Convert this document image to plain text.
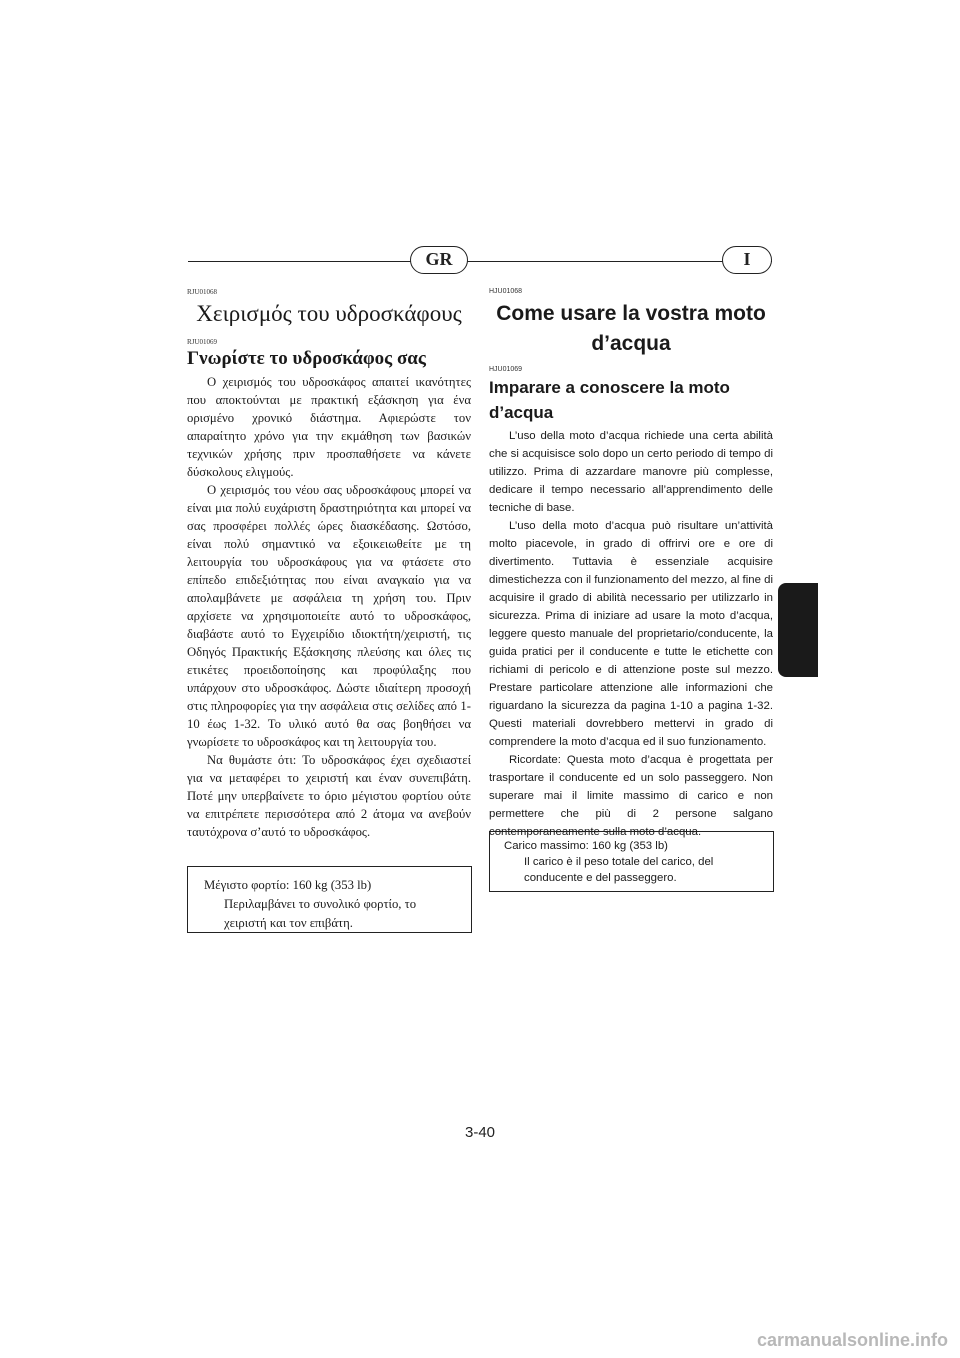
GR	I

RJU01068

Χειρισμός του υδροσκάφους

RJU01069

Γνωρίστε το υδροσκάφος σας

Ο χειρισμός του υδροσκάφος απαιτεί ικανότητες που αποκτούνται με πρακτική εξάσκηση για ένα ορισμένο χρονικό διάστημα. Αφιερώστε τον απαραίτητο χρόνο για την εκμάθηση των βασικών τεχνικών χρήσης πριν προσπαθήσετε να κάνετε δύσκολους ελιγμούς.

Ο χειρισμός του νέου σας υδροσκάφους μπορεί να είναι μια πολύ ευχάριστη δραστηριότητα και μπορεί να σας προσφέρει πολλές ώρες διασκέδασης. Ωστόσο, είναι πολύ σημαντικό να εξοικειωθείτε με τη λειτουργία του υδροσκάφους για να φτάσετε στο επίπεδο επιδεξιότητας που είναι αναγκαίο για να απολαμβάνετε με ασφάλεια τη χρήση του. Πριν αρχίσετε να χρησιμοποιείτε αυτό το υδροσκάφος, διαβάστε αυτό το Εγχειρίδιο ιδιοκτήτη/χειριστή, τις Οδηγός Πρακτικής Εξάσκησης πλεύσης και όλες τις ετικέτες προειδοποίησης και προφύλαξης που υπάρχουν στο υδροσκάφος. Δώστε ιδιαίτερη προσοχή στις πληροφορίες για την ασφάλεια στις σελίδες από 1-10 έως 1-32. Το υλικό αυτό θα σας βοηθήσει να γνωρίσετε το υδροσκάφος και τη λειτουργία του.

Να θυμάστε ότι: Το υδροσκάφος έχει σχεδιαστεί για να μεταφέρει το χειριστή και έναν συνεπιβάτη. Ποτέ μην υπερβαίνετε το όριο μέγιστου φορτίου ούτε να επιτρέπετε περισσότερα από 2 άτομα να ανεβούν ταυτόχρονα σ’αυτό το υδροσκάφος.

Μέγιστο φορτίο: 160 kg (353 lb)

Περιλαμβάνει το συνολικό φορτίο, το χειριστή και τον επιβάτη.

HJU01068

Come usare la vostra moto d’acqua

HJU01069

Imparare a conoscere la moto d’acqua

L’uso della moto d’acqua richiede una certa abilità che si acquisisce solo dopo un certo periodo di tempo di utilizzo. Prima di azzardare manovre più complesse, dedicare il tempo necessario all’apprendimento delle tecniche di base.

L’uso della moto d’acqua può risultare un’attività molto piacevole, in grado di offrirvi ore e ore di divertimento. Tuttavia è essenziale acquisire dimestichezza con il funzionamento del mezzo, al fine di acquisire il grado di abilità necessario per utilizzarlo in sicurezza. Prima di iniziare ad usare la moto d’acqua, leggere questo manuale del proprietario/conducente, la guida pratici per il conducente e tutte le etichette con richiami di pericolo e di attenzione poste sul mezzo. Prestare particolare attenzione alle informazioni che riguardano la sicurezza da pagina 1-10 a pagina 1-32. Questi materiali dovrebbero mettervi in grado di comprendere la moto d’acqua ed il suo funzionamento.

Ricordate: Questa moto d’acqua è progettata per trasportare il conducente ed un solo passeggero. Non superare mai il limite massimo di carico e non permettere che più di 2 persone salgano contemporaneamente sulla moto d’acqua.

Carico massimo: 160 kg (353 lb)

Il carico è il peso totale del carico, del conducente e del passeggero.

3-40
carmanualsonline.info
